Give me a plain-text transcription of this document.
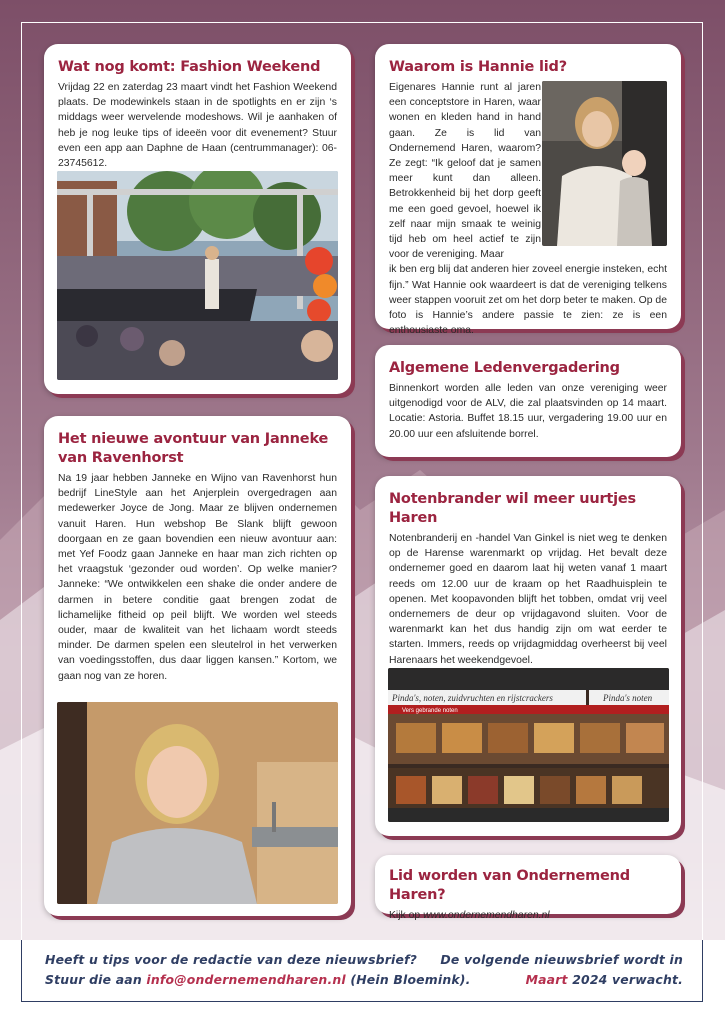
Wat nog komt: Fashion Weekend

Vrijdag 22 en zaterdag 23 maart vindt het Fashion Weekend plaats. De modewinkels staan in de spotlights en er zijn ‘s middags weer wervelende modeshows. Wil je aanhaken of heb je nog leuke tips of ideeën voor dit evenement? Stuur even een app aan Daphne de Haan (centrummanager): 06-23745612.

Waarom is Hannie lid?

Eigenares Hannie runt al jaren een conceptstore in Haren, waar wonen en kleden hand in hand gaan. Ze is lid van Ondernemend Haren, waarom? Ze zegt: “Ik geloof dat je samen meer kunt dan alleen. Betrokkenheid bij het dorp geeft me een goed gevoel, hoewel ik zelf naar mijn smaak te weinig tijd heb om heel actief te zijn voor de vereniging. Maar

ik ben erg blij dat anderen hier zoveel energie insteken, echt fijn.” Wat Hannie ook waardeert is dat de vereniging telkens weer stappen vooruit zet om het dorp beter te maken. Op de foto is Hannie’s andere passie te zien: ze is een enthousiaste oma.

Algemene Ledenvergadering

Binnenkort worden alle leden van onze vereniging weer uitgenodigd voor de ALV, die zal plaatsvinden op 14 maart. Locatie: Astoria. Buffet 18.15 uur, vergadering 19.00 uur en 20.00 uur een afsluitende borrel.

Het nieuwe avontuur van Janneke van Ravenhorst

Na 19 jaar hebben Janneke en Wijno van Ravenhorst hun bedrijf LineStyle aan het Anjerplein overgedragen aan medewerker Joyce de Jong. Maar ze blijven ondernemen vanuit Haren. Hun webshop Be Slank blijft gewoon doorgaan en ze gaan bovendien een nieuw avontuur aan: met Yef Foodz gaan Janneke en haar man zich richten op het vraagstuk ‘gezonder oud worden’. Op welke manier? Janneke: “We ontwikkelen een shake die onder andere de darmen in betere conditie gaat brengen zodat de lichamelijke fitheid op peil blijft. We worden wel steeds ouder, maar de kwaliteit van het lichaam wordt steeds minder. De darmen spelen een sleutelrol in het verwerken van voedingsstoffen, dus daar liggen kansen.” Kortom, we gaan nog van ze horen.

Notenbrander wil meer uurtjes Haren

Notenbranderij en -handel Van Ginkel is niet weg te denken op de Harense warenmarkt op vrijdag. Het bevalt deze ondernemer goed en daarom laat hij weten vanaf 1 maart reeds om 12.00 uur de kraam op het Raadhuisplein te openen. Met koopavonden blijft het tobben, omdat vrij veel ondernemers de deur op vrijdagavond sluiten. Voor de warenmarkt kan het dus handig zijn om wat eerder te starten. Immers, reeds op vrijdagmiddag overheerst bij veel Harenaars het weekendgevoel.

Pinda's, noten, zuidvruchten en rijstcrackers	Pinda's noten
Vers gebrande noten
Lid worden van Ondernemend Haren?

Kijk op www.ondernemendharen.nl

Heeft u tips voor de redactie van deze nieuwsbrief?
Stuur die aan info@ondernemendharen.nl (Hein Bloemink).
De volgende nieuwsbrief wordt in
Maart 2024 verwacht.
